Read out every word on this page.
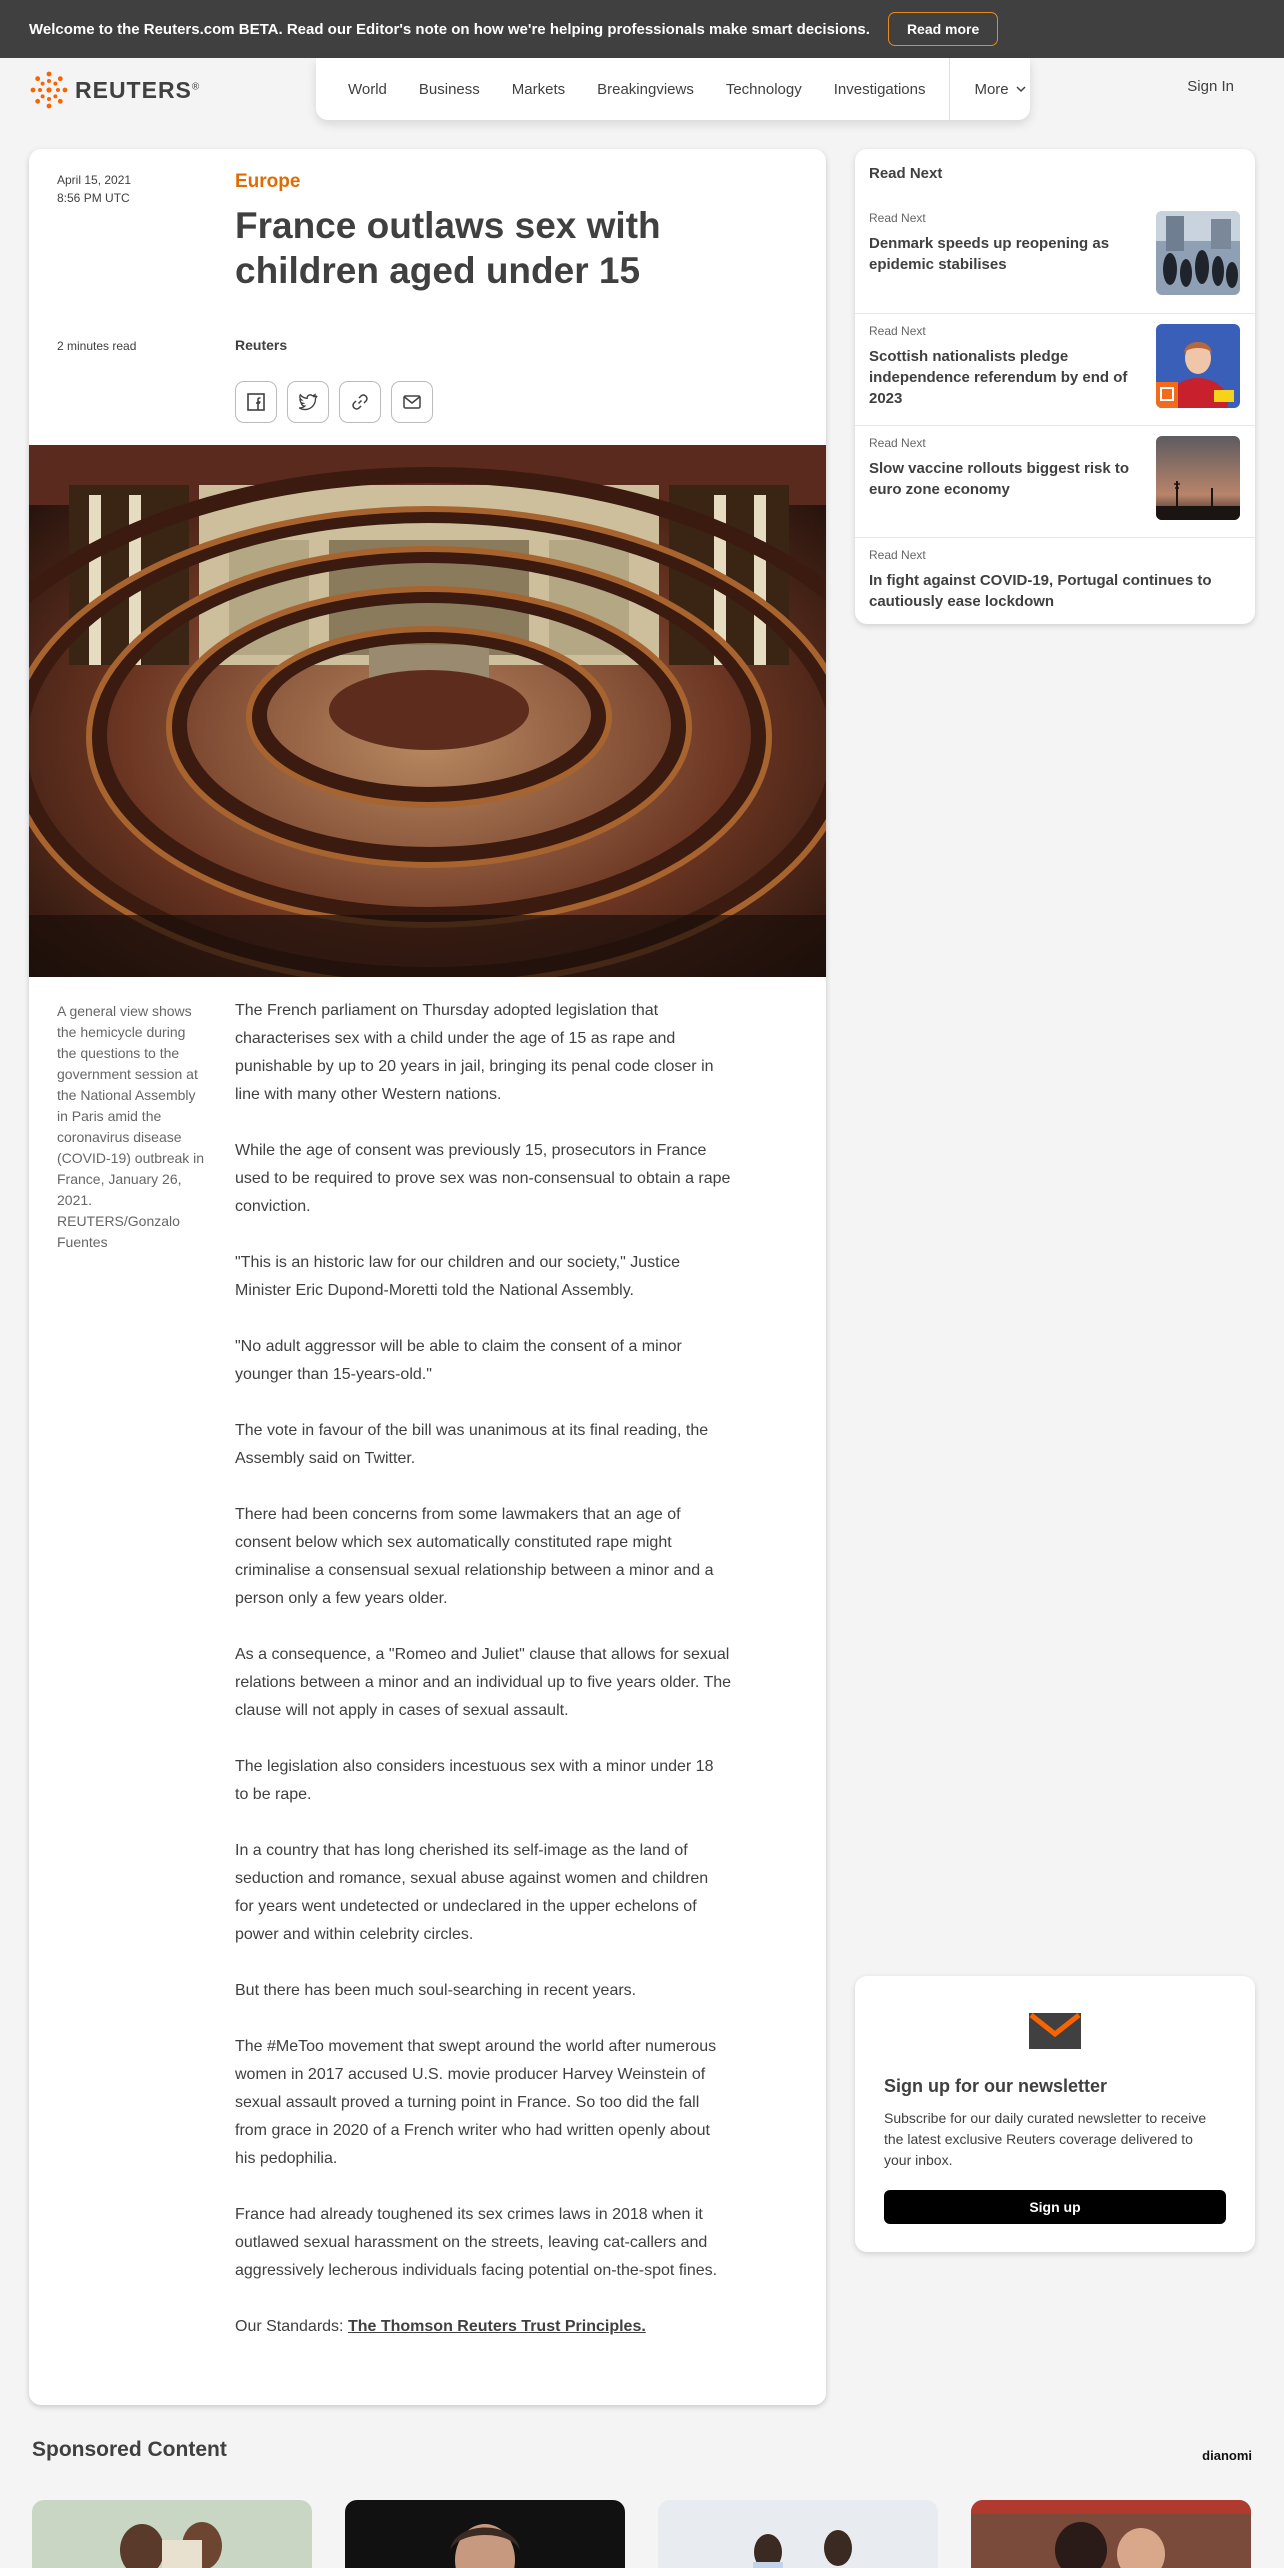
Welcome to the Reuters.com BETA. Read our Editor's note on how we're helping professionals make smart decisions.	Read more
REUTERS®	World Business Markets Breakingviews Technology Investigations	More	Sign In
April 15, 2021
8:56 PM UTC
Europe
France outlaws sex with children aged under 15
2 minutes read	Reuters
A general view shows the hemicycle during the questions to the government session at the National Assembly in Paris amid the coronavirus disease (COVID-19) outbreak in France, January 26, 2021. REUTERS/Gonzalo Fuentes

The French parliament on Thursday adopted legislation that characterises sex with a child under the age of 15 as rape and punishable by up to 20 years in jail, bringing its penal code closer in line with many other Western nations.

While the age of consent was previously 15, prosecutors in France used to be required to prove sex was non-consensual to obtain a rape conviction.

"This is an historic law for our children and our society," Justice Minister Eric Dupond-Moretti told the National Assembly.

"No adult aggressor will be able to claim the consent of a minor younger than 15-years-old."

The vote in favour of the bill was unanimous at its final reading, the Assembly said on Twitter.

There had been concerns from some lawmakers that an age of consent below which sex automatically constituted rape might criminalise a consensual sexual relationship between a minor and a person only a few years older.

As a consequence, a "Romeo and Juliet" clause that allows for sexual relations between a minor and an individual up to five years older. The clause will not apply in cases of sexual assault.

The legislation also considers incestuous sex with a minor under 18 to be rape.

In a country that has long cherished its self-image as the land of seduction and romance, sexual abuse against women and children for years went undetected or undeclared in the upper echelons of power and within celebrity circles.

But there has been much soul-searching in recent years.

The #MeToo movement that swept around the world after numerous women in 2017 accused U.S. movie producer Harvey Weinstein of sexual assault proved a turning point in France. So too did the fall from grace in 2020 of a French writer who had written openly about his pedophilia.

France had already toughened its sex crimes laws in 2018 when it outlawed sexual harassment on the streets, leaving cat-callers and aggressively lecherous individuals facing potential on-the-spot fines.

Our Standards: The Thomson Reuters Trust Principles.

Read Next
Read Next
Denmark speeds up reopening as epidemic stabilises
Read Next
Scottish nationalists pledge independence referendum by end of 2023
Read Next
Slow vaccine rollouts biggest risk to euro zone economy
Read Next
In fight against COVID-19, Portugal continues to cautiously ease lockdown
Sign up for our newsletter
Subscribe for our daily curated newsletter to receive the latest exclusive Reuters coverage delivered to your inbox.
Sign up
Sponsored Content	dianomi
